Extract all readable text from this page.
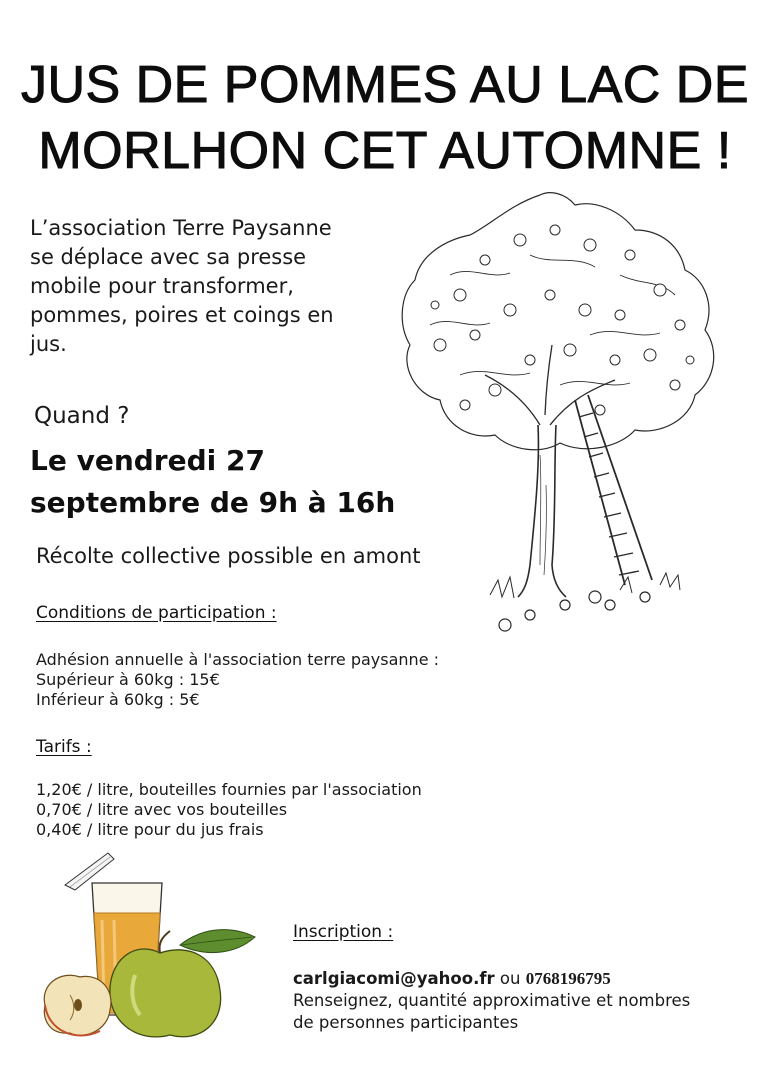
JUS DE POMMES AU LAC DE
MORLHON CET AUTOMNE !
L’association Terre Paysanne
se déplace avec sa presse
mobile pour transformer,
pommes, poires et coings en
jus.
Quand ?
Le vendredi 27
septembre de 9h à 16h
Récolte collective possible en amont
Conditions de participation :
Adhésion annuelle à l'association terre paysanne :
Supérieur à 60kg : 15€
Inférieur à 60kg : 5€
Tarifs :
1,20€ / litre, bouteilles fournies par l'association
0,70€ / litre avec vos bouteilles
0,40€ / litre pour du jus frais
Inscription :
carlgiacomi@yahoo.fr ou 0768196795
Renseignez, quantité approximative et nombres
de personnes participantes
